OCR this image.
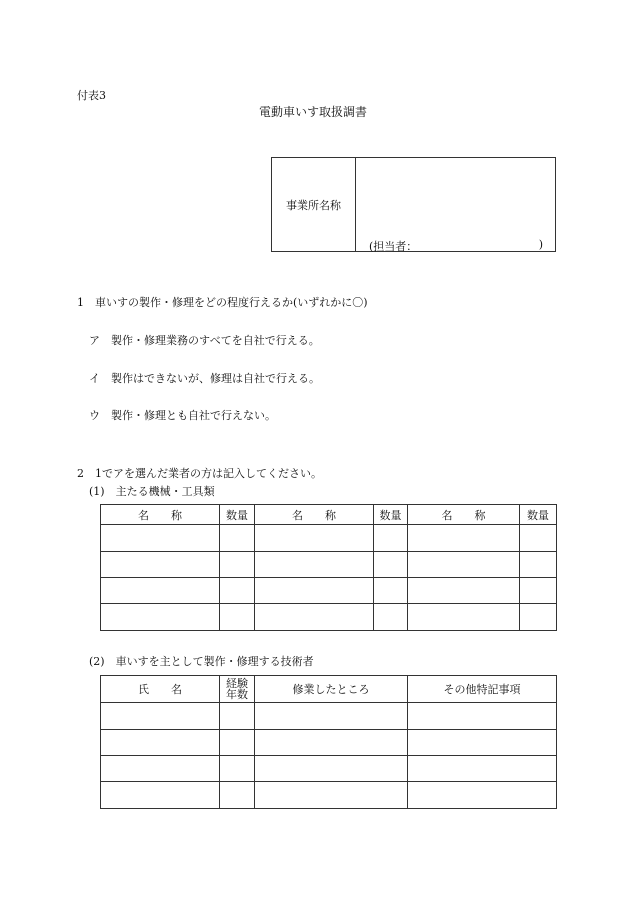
付表3
電動車いす取扱調書
事業所名称
(担当者：	)
1　車いすの製作・修理をどの程度行えるか(いずれかに〇)
ア　製作・修理業務のすべてを自社で行える。
イ　製作はできないが、修理は自社で行える。
ウ　製作・修理とも自社で行えない。
2　1でアを選んだ業者の方は記入してください。
(1)　主たる機械・工具類
名　　称	数量	名　　称	数量	名　　称	数量

(2)　車いすを主として製作・修理する技術者
氏　　名	経験
年数	修業したところ	その他特記事項
